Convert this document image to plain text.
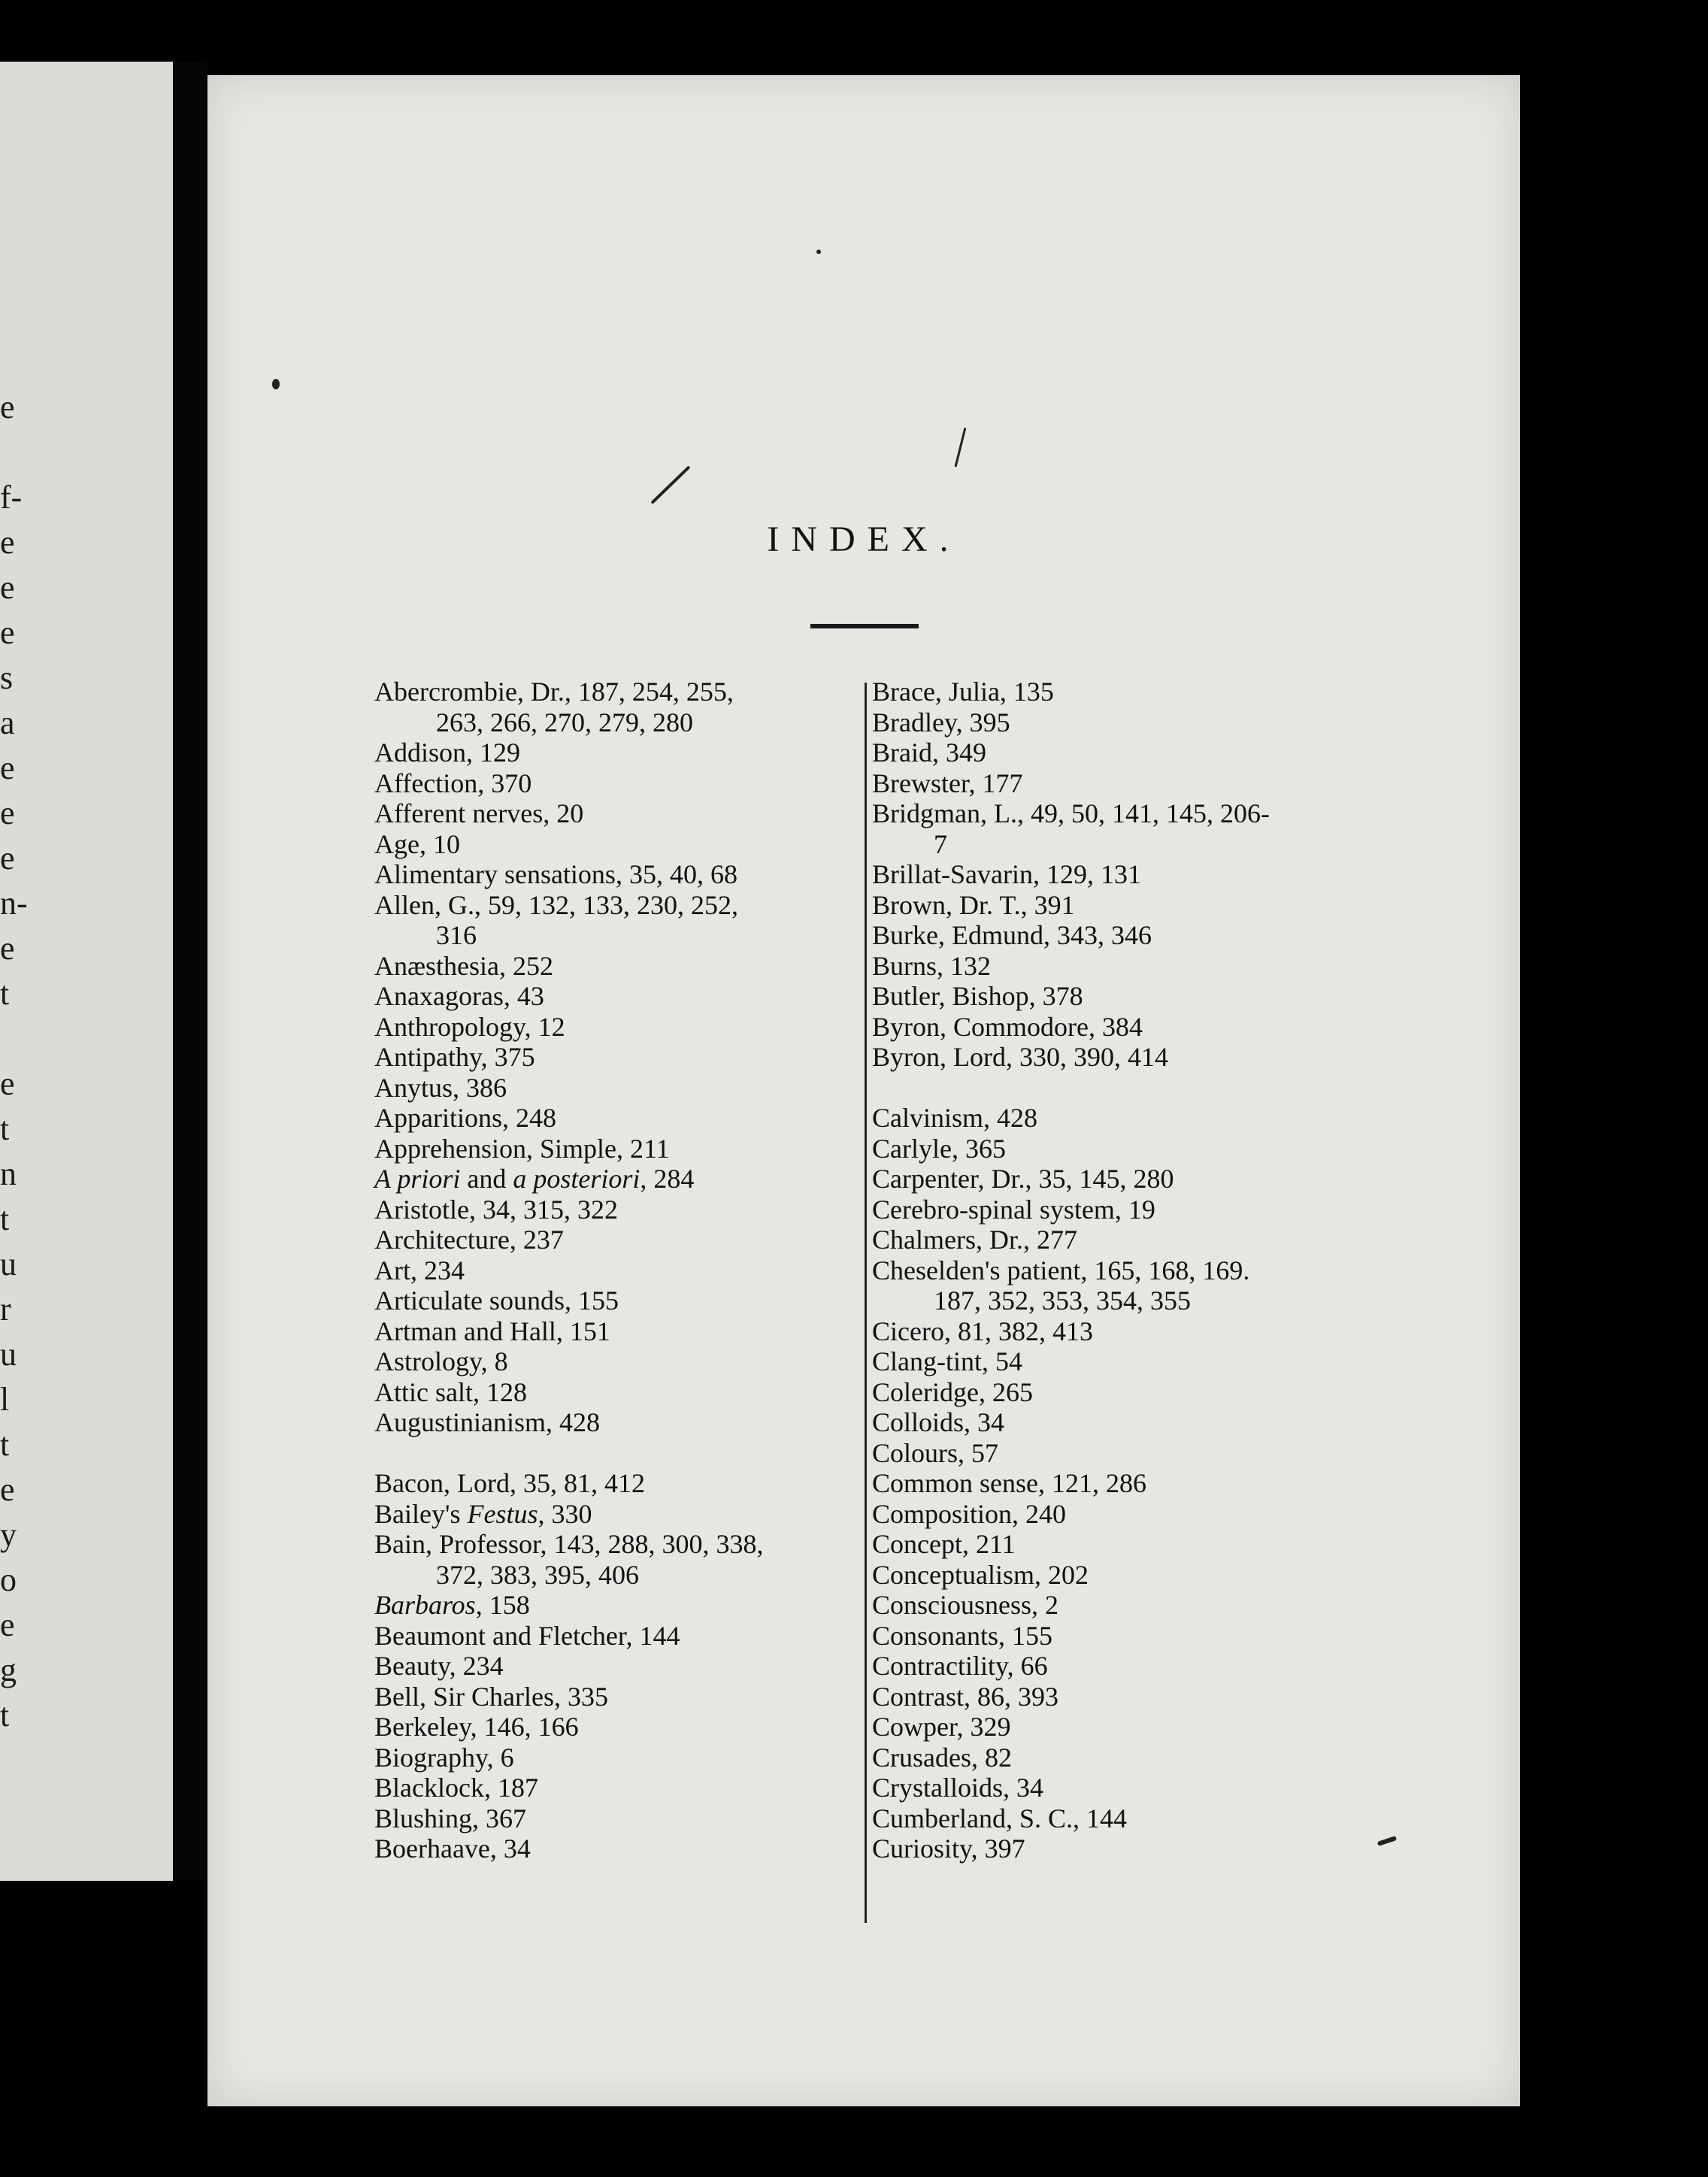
e
f-
e
e
e
s
a
e
e
e
n-
e
t
e
t
n
t
u
r
u
l
t
e
y
o
e
g
t
INDEX.
Abercrombie, Dr., 187, 254, 255,
263, 266, 270, 279, 280
Addison, 129
Affection, 370
Afferent nerves, 20
Age, 10
Alimentary sensations, 35, 40, 68
Allen, G., 59, 132, 133, 230, 252,
316
Anæsthesia, 252
Anaxagoras, 43
Anthropology, 12
Antipathy, 375
Anytus, 386
Apparitions, 248
Apprehension, Simple, 211
A priori and a posteriori, 284
Aristotle, 34, 315, 322
Architecture, 237
Art, 234
Articulate sounds, 155
Artman and Hall, 151
Astrology, 8
Attic salt, 128
Augustinianism, 428
Bacon, Lord, 35, 81, 412
Bailey's Festus, 330
Bain, Professor, 143, 288, 300, 338,
372, 383, 395, 406
Barbaros, 158
Beaumont and Fletcher, 144
Beauty, 234
Bell, Sir Charles, 335
Berkeley, 146, 166
Biography, 6
Blacklock, 187
Blushing, 367
Boerhaave, 34
Brace, Julia, 135
Bradley, 395
Braid, 349
Brewster, 177
Bridgman, L., 49, 50, 141, 145, 206-
7
Brillat-Savarin, 129, 131
Brown, Dr. T., 391
Burke, Edmund, 343, 346
Burns, 132
Butler, Bishop, 378
Byron, Commodore, 384
Byron, Lord, 330, 390, 414
Calvinism, 428
Carlyle, 365
Carpenter, Dr., 35, 145, 280
Cerebro-spinal system, 19
Chalmers, Dr., 277
Cheselden's patient, 165, 168, 169.
187, 352, 353, 354, 355
Cicero, 81, 382, 413
Clang-tint, 54
Coleridge, 265
Colloids, 34
Colours, 57
Common sense, 121, 286
Composition, 240
Concept, 211
Conceptualism, 202
Consciousness, 2
Consonants, 155
Contractility, 66
Contrast, 86, 393
Cowper, 329
Crusades, 82
Crystalloids, 34
Cumberland, S. C., 144
Curiosity, 397
